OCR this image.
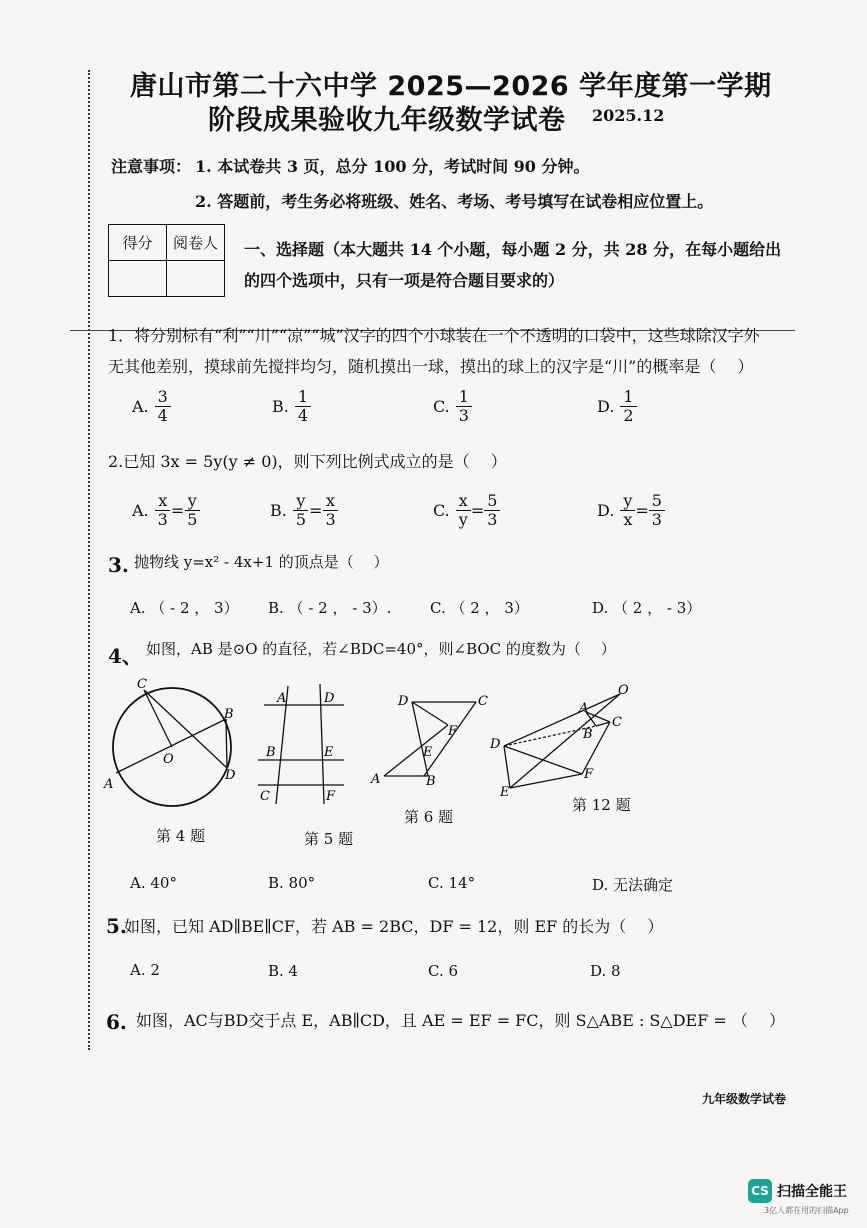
唐山市第二十六中学 2025—2026 学年度第一学期
阶段成果验收九年级数学试卷 2025.12
注意事项： 1. 本试卷共 3 页，总分 100 分，考试时间 90 分钟。
2. 答题前，考生务必将班级、姓名、考场、考号填写在试卷相应位置上。
得分	阅卷人
	一、选择题（本大题共 14 个小题，每小题 2 分，共 28 分，在每小题给出
的四个选项中，只有一项是符合题目要求的）
1．将分别标有“利”“川”“凉”“城”汉字的四个小球装在一个不透明的口袋中，这些球除汉字外
无其他差别，摸球前先搅拌均匀，随机摸出一球，摸出的球上的汉字是“川”的概率是（　 ）
A. $\frac{3}{4}$	B. $\frac{1}{4}$	C. $\frac{1}{3}$	D. $\frac{1}{2}$
2.已知 3x = 5y(y ≠ 0)，则下列比例式成立的是（　 ）
A. $\frac{x}{3} = \frac{y}{5}$	B. $\frac{y}{5} = \frac{x}{3}$	C. $\frac{x}{y} = \frac{5}{3}$	D. $\frac{y}{x} = \frac{5}{3}$
3. 抛物线 y=x² - 4x+1 的顶点是（　 ）
A. （ - 2 ， 3） B. （ - 2 ， - 3）.	C. （ 2 ， 3）	D. （ 2 ， - 3）
4、 如图，AB 是⊙O 的直径，若∠BDC=40°，则∠BOC 的度数为（　 ）
C
B
O
A
D
第 4 题
A	D
B	E
C	F
第 5 题
D	C
F
E
A	B
第 6 题
O
A
C
B
D
F
E
第 12 题
A. 40°	B. 80°	C. 14°	D. 无法确定
5.
如图，已知 AD∥BE∥CF，若 AB = 2BC，DF = 12，则 EF 的长为（　 ）
A. 2	B. 4	C. 6	D. 8
6. 如图，AC与BD交于点 E，AB∥CD，且 AE = EF = FC，则 S△ABE : S△DEF = （　 ）
九年级数学试卷
CS 扫描全能王
3亿人都在用的扫描App
